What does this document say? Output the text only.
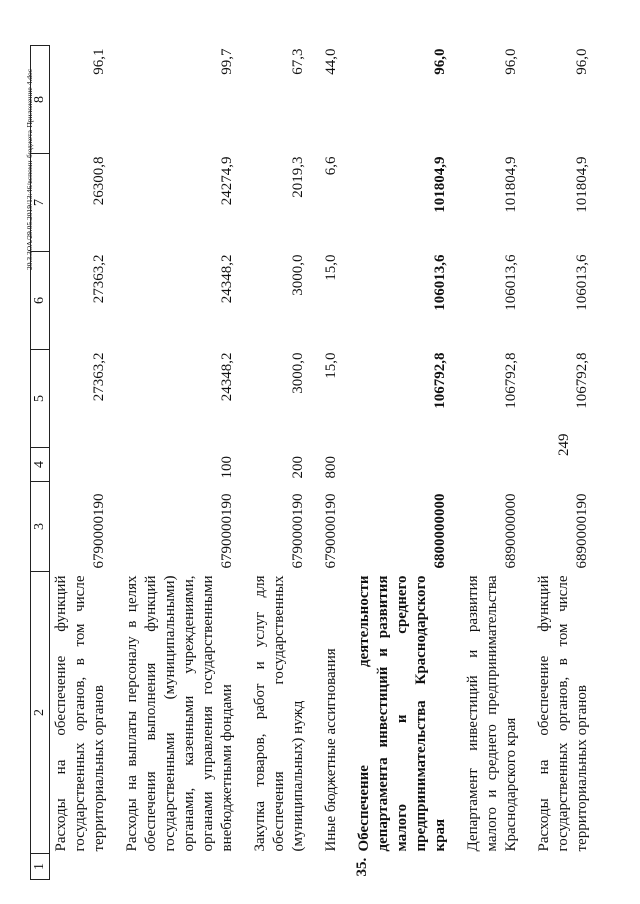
249
20.3.3ОА/29.05.2019/13:46/вспомн-бюджета-Приложение 4.doc
1	2	3	4	5	6	7	8
	Расходы на обеспечение функций государственных органов, в том числе территориальных органов	6790000190		27363,2	27363,2	26300,8	96,1
	Расходы на выплаты персоналу в целях обеспечения выполнения функций государственными (муниципальными) органами, казенными учреждениями, органами управления государственными внебюджетными фондами	6790000190	100	24348,2	24348,2	24274,9	99,7
	Закупка товаров, работ и услуг для обеспечения государственных (муниципальных) нужд	6790000190	200	3000,0	3000,0	2019,3	67,3
	Иные бюджетные ассигнования	6790000190	800	15,0	15,0	6,6	44,0
35.	Обеспечение деятельности департамента инвестиций и развития малого и среднего предпринимательства Краснодарского края	6800000000		106792,8	106013,6	101804,9	96,0
	Департамент инвестиций и развития малого и среднего предпринимательства Краснодарского края	6890000000		106792,8	106013,6	101804,9	96,0
	Расходы на обеспечение функций государственных органов, в том числе территориальных органов	6890000190		106792,8	106013,6	101804,9	96,0
